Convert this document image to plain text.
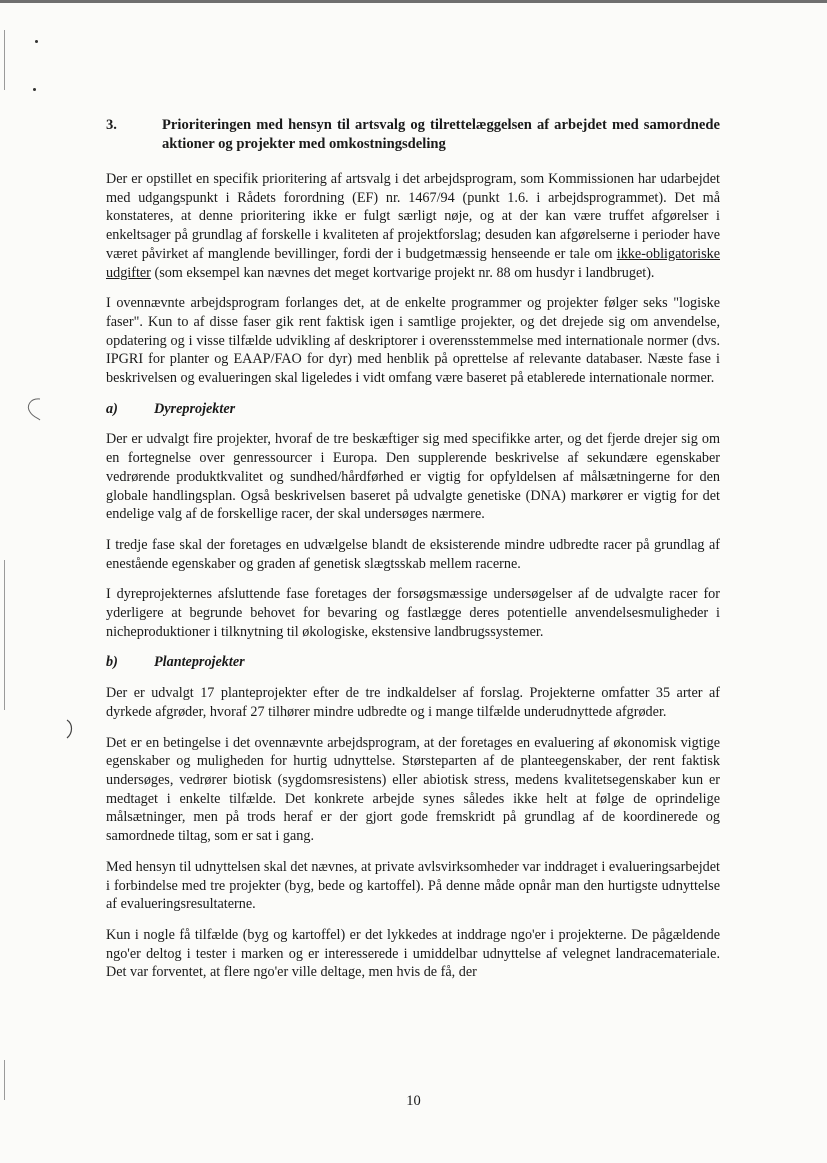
3.	Prioriteringen med hensyn til artsvalg og tilrettelæggelsen af arbejdet med samordnede aktioner og projekter med omkostningsdeling

Der er opstillet en specifik prioritering af artsvalg i det arbejdsprogram, som Kommissionen har udarbejdet med udgangspunkt i Rådets forordning (EF) nr. 1467/94 (punkt 1.6. i arbejdsprogrammet). Det må konstateres, at denne prioritering ikke er fulgt særligt nøje, og at der kan være truffet afgørelser i enkeltsager på grundlag af forskelle i kvaliteten af projektforslag; desuden kan afgørelserne i perioder have været påvirket af manglende bevillinger, fordi der i budgetmæssig henseende er tale om ikke-obligatoriske udgifter (som eksempel kan nævnes det meget kortvarige projekt nr. 88 om husdyr i landbruget).

I ovennævnte arbejdsprogram forlanges det, at de enkelte programmer og projekter følger seks "logiske faser". Kun to af disse faser gik rent faktisk igen i samtlige projekter, og det drejede sig om anvendelse, opdatering og i visse tilfælde udvikling af deskriptorer i overensstemmelse med internationale normer (dvs. IPGRI for planter og EAAP/FAO for dyr) med henblik på oprettelse af relevante databaser. Næste fase i beskrivelsen og evalueringen skal ligeledes i vidt omfang være baseret på etablerede internationale normer.

a)	Dyreprojekter

Der er udvalgt fire projekter, hvoraf de tre beskæftiger sig med specifikke arter, og det fjerde drejer sig om en fortegnelse over genressourcer i Europa. Den supplerende beskrivelse af sekundære egenskaber vedrørende produktkvalitet og sundhed/hårdførhed er vigtig for opfyldelsen af målsætningerne for den globale handlingsplan. Også beskrivelsen baseret på udvalgte genetiske (DNA) markører er vigtig for det endelige valg af de forskellige racer, der skal undersøges nærmere.

I tredje fase skal der foretages en udvælgelse blandt de eksisterende mindre udbredte racer på grundlag af enestående egenskaber og graden af genetisk slægtsskab mellem racerne.

I dyreprojekternes afsluttende fase foretages der forsøgsmæssige undersøgelser af de udvalgte racer for yderligere at begrunde behovet for bevaring og fastlægge deres potentielle anvendelsesmuligheder i nicheproduktioner i tilknytning til økologiske, ekstensive landbrugssystemer.

b)	Planteprojekter

Der er udvalgt 17 planteprojekter efter de tre indkaldelser af forslag. Projekterne omfatter 35 arter af dyrkede afgrøder, hvoraf 27 tilhører mindre udbredte og i mange tilfælde underudnyttede afgrøder.

Det er en betingelse i det ovennævnte arbejdsprogram, at der foretages en evaluering af økonomisk vigtige egenskaber og muligheden for hurtig udnyttelse. Størsteparten af de planteegenskaber, der rent faktisk undersøges, vedrører biotisk (sygdomsresistens) eller abiotisk stress, medens kvalitetsegenskaber kun er medtaget i enkelte tilfælde. Det konkrete arbejde synes således ikke helt at følge de oprindelige målsætninger, men på trods heraf er der gjort gode fremskridt på grundlag af de koordinerede og samordnede tiltag, som er sat i gang.

Med hensyn til udnyttelsen skal det nævnes, at private avlsvirksomheder var inddraget i evalueringsarbejdet i forbindelse med tre projekter (byg, bede og kartoffel). På denne måde opnår man den hurtigste udnyttelse af evalueringsresultaterne.

Kun i nogle få tilfælde (byg og kartoffel) er det lykkedes at inddrage ngo'er i projekterne. De pågældende ngo'er deltog i tester i marken og er interesserede i umiddelbar udnyttelse af velegnet landracemateriale. Det var forventet, at flere ngo'er ville deltage, men hvis de få, der

10
